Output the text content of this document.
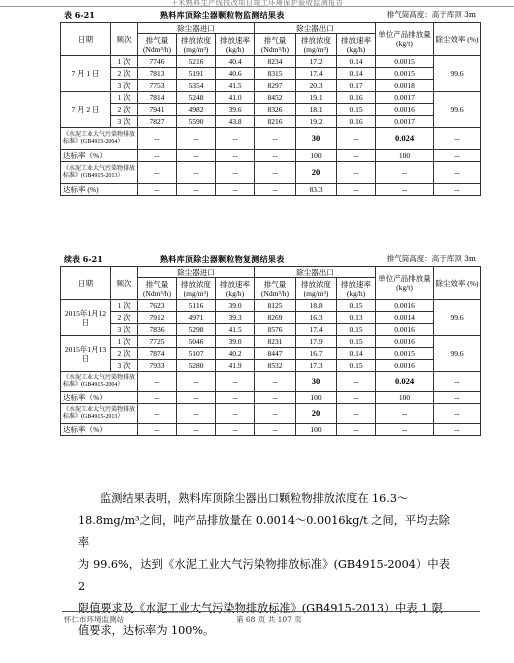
干米熟料生产线技改项目竣工环境保护验收监测报告
表 6-21	熟料库顶除尘器颗粒物监测结果表	排气筒高度：高于库顶 3m
日期	频次	除尘器进口			除尘器出口			单位产品排放量(kg/t)	除尘效率 (%)
		排气量 (Ndm³/h)	排放浓度 (mg/m³)	排放速率 (kg/h)	排气量 (Ndm³/h)	排放浓度 (mg/m³)	排放速率 (kg/h)		
7 月 1 日	1 次	7746	5216	40.4	8234	17.2	0.14	0.0015	99.6
	2 次	7813	5191	40.6	8315	17.4	0.14	0.0015	
	3 次	7753	5354	41.5	8297	20.3	0.17	0.0018	
7 月 2 日	1 次	7814	5248	41.0	8452	19.1	0.16	0.0017	99.6
	2 次	7941	4982	39.6	8326	18.1	0.15	0.0016	
	3 次	7827	5590	43.8	8216	19.2	0.16	0.0017	
《水泥工业大气污染物排放标准》(GB4915-2004）		--	--	--	--	30	--	0.024	--
达标率（%）		--	--	--	--	100	--	100	--
《水泥工业大气污染物排放标准》(GB4915-2013）		--	--	--	--	20	--	--	--
达标率 (%)		--	--	--	--	83.3	--	--	--
续表 6-21	熟料库顶除尘器颗粒物复测结果表	排气筒高度：高于库顶 3m
日期	频次	除尘器进口			除尘器出口			单位产品排放量(kg/t)	除尘效率 (%)
		排气量 (Ndm³/h)	排放浓度 (mg/m³)	排放速率 (kg/h)	排气量 (Ndm³/h)	排放浓度 (mg/m³)	排放速率 (kg/h)		
2015年1月12日	1 次	7623	5116	39.0	8125	18.8	0.15	0.0016	99.6
	2 次	7912	4971	39.3	8269	16.3	0.13	0.0014	
	3 次	7836	5298	41.5	8576	17.4	0.15	0.0016	
2015年1月13日	1 次	7725	5046	39.0	8231	17.9	0.15	0.0016	99.6
	2 次	7874	5107	40.2	8447	16.7	0.14	0.0015	
	3 次	7933	5280	41.9	8532	17.3	0.15	0.0016	
《水泥工业大气污染物排放标准》(GB4915-2004）		--	--	--	--	30	--	0.024	--
达标率（%）		--	--	--	--	100	--	100	--
《水泥工业大气污染物排放标准》(GB4915-2013）		--	--	--	--	20	--	--	--
达标率（%）		--	--	--	--	100	--	--	--
监测结果表明，熟料库顶除尘器出口颗粒物排放浓度在 16.3～
18.8mg/m³之间，吨产品排放量在 0.0014～0.0016kg/t 之间，平均去除率
为 99.6%，达到《水泥工业大气污染物排放标准》(GB4915-2004）中表 2
限值要求及《水泥工业大气污染物排放标准》(GB4915-2013）中表 1 限
值要求，达标率为 100%。
怀仁市环境监测站	第 68 页 共 107 页
